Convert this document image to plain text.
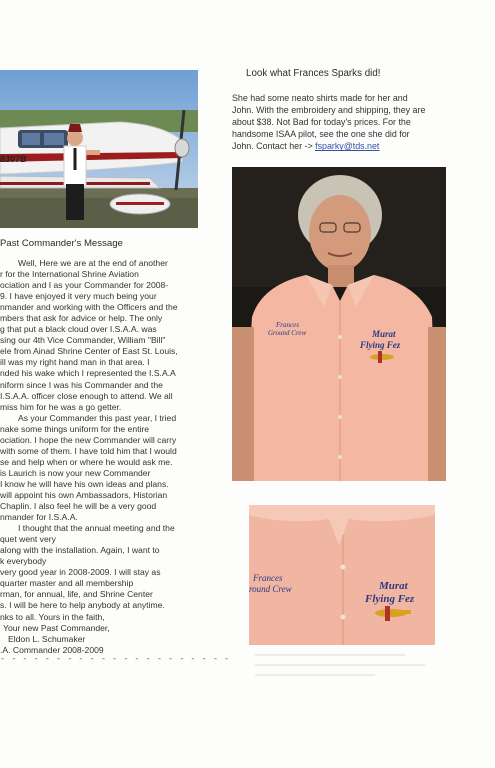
8307B
Past Commander's Message
Well, Here we are at the end of another
r for the International Shrine Aviation
ociation and I as your Commander for 2008-
9. I have enjoyed it very much being your
nmander and working with the Officers and the
mbers that ask for advice or help. The only
g that put a black cloud over I.S.A.A. was
sing our 4th Vice Commander, William "Bill"
ele from Ainad Shrine Center of East St. Louis,
ill was my right hand man in that area. I
nded his wake which I represented the I.S.A.A
niform since I was his Commander and the
I.S.A.A. officer close enough to attend. We all
miss him for he was a go getter.
As your Commander this past year, I tried
nake some things uniform for the entire
ociation. I hope the new Commander will carry
with some of them. I have told him that I would
se and help when or where he would ask me.
is Laurich is now your new Commander
I know he will have his own ideas and plans.
will appoint his own Ambassadors, Historian
Chaplin. I also feel he will be a very good
nmander for I.S.A.A.
I thought that the annual meeting and the
quet went very
along with the installation. Again, I want to
k everybody
very good year in 2008-2009. I will stay as
quarter master and all membership
rman, for annual, life, and Shrine Center
s. I will be here to help anybody at anytime.
nks to all. Yours in the faith,
Your new Past Commander,
Eldon L. Schumaker
.A. Commander 2008-2009
- - - - - - - - - - - - - - - - - - - - -
Look what Frances Sparks did!
She had some neato shirts made for her and
John. With the embroidery and shipping, they are
about $38. Not Bad for today's prices. For the
handsome ISAA pilot, see the one she did for
John. Contact her -> fsparky@tds.net
Frances
Ground Crew	Murat
Flying Fez
Frances
round Crew	Murat
Flying Fez
